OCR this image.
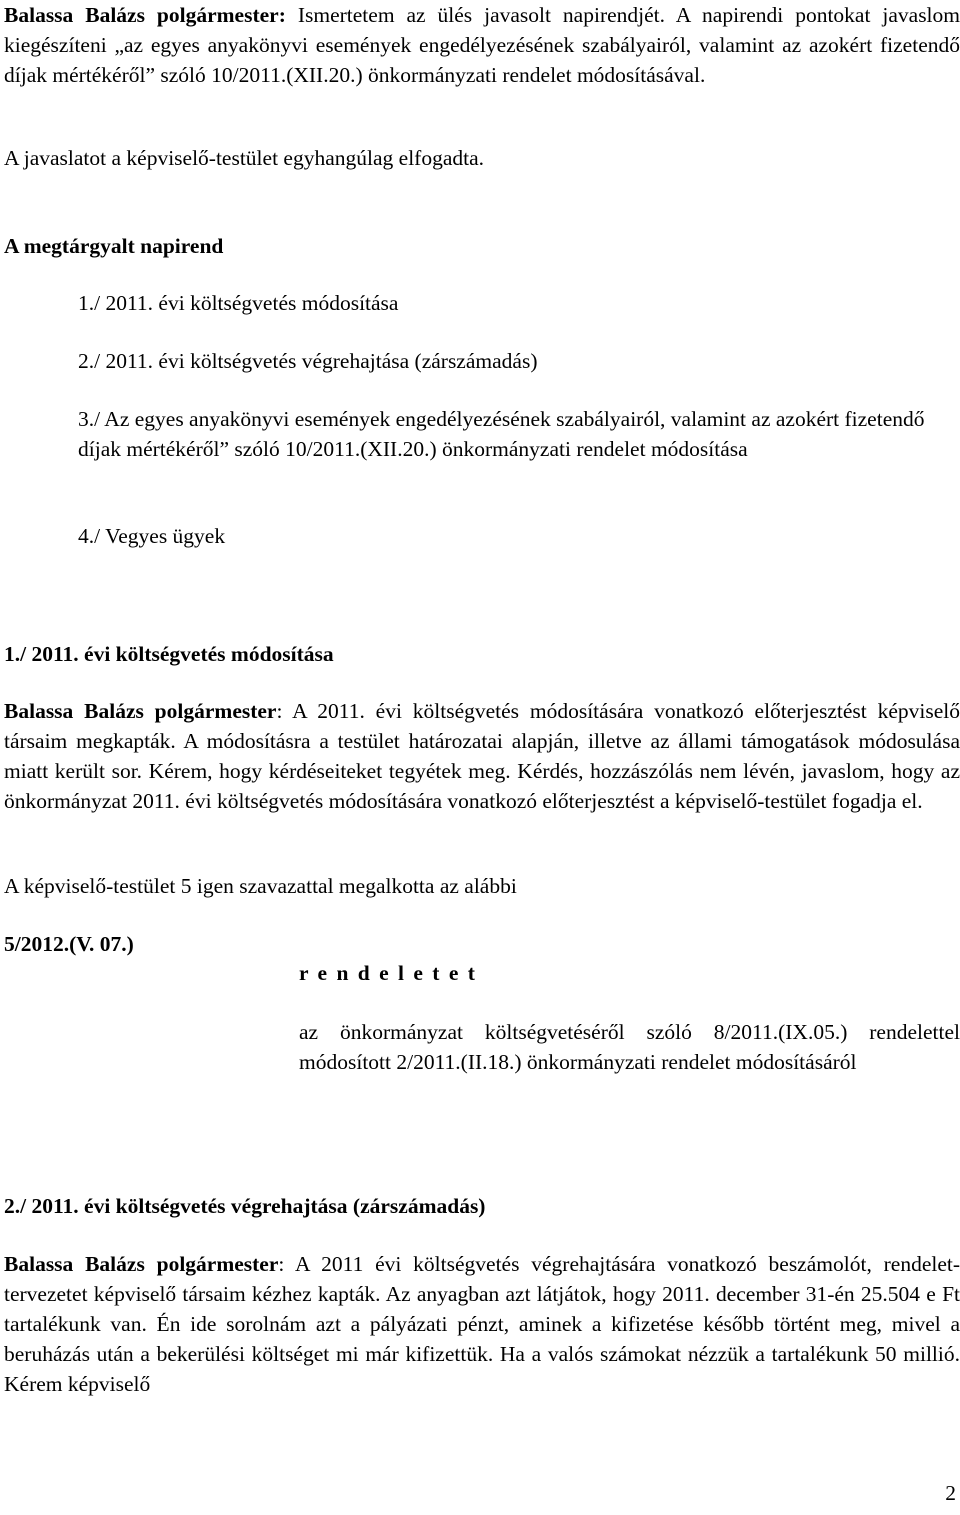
Balassa Balázs polgármester: Ismertetem az ülés javasolt napirendjét. A napirendi pontokat javaslom kiegészíteni „az egyes anyakönyvi események engedélyezésének szabályairól, valamint az azokért fizetendő díjak mértékéről” szóló 10/2011.(XII.20.) önkormányzati rendelet módosításával.

A javaslatot a képviselő-testület egyhangúlag elfogadta.

A megtárgyalt napirend

1./ 2011. évi költségvetés módosítása

2./ 2011. évi költségvetés végrehajtása (zárszámadás)

3./ Az egyes anyakönyvi események engedélyezésének szabályairól, valamint az azokért fizetendő díjak mértékéről” szóló 10/2011.(XII.20.) önkormányzati rendelet módosítása

4./ Vegyes ügyek

1./ 2011. évi költségvetés módosítása

Balassa Balázs polgármester: A 2011. évi költségvetés módosítására vonatkozó előterjesztést képviselő társaim megkapták. A módosításra a testület határozatai alapján, illetve az állami támogatások módosulása miatt került sor. Kérem, hogy kérdéseiteket tegyétek meg. Kérdés, hozzászólás nem lévén, javaslom, hogy az önkormányzat 2011. évi költségvetés módosítására vonatkozó előterjesztést a képviselő-testület fogadja el.

A képviselő-testület 5 igen szavazattal megalkotta az alábbi

5/2012.(V. 07.)

r e n d e l e t e t

az önkormányzat költségvetéséről szóló 8/2011.(IX.05.) rendelettel módosított 2/2011.(II.18.) önkormányzati rendelet módosításáról

2./ 2011. évi költségvetés végrehajtása (zárszámadás)

Balassa Balázs polgármester: A 2011 évi költségvetés végrehajtására vonatkozó beszámolót, rendelet-tervezetet képviselő társaim kézhez kapták. Az anyagban azt látjátok, hogy 2011. december 31-én 25.504 e Ft tartalékunk van. Én ide sorolnám azt a pályázati pénzt, aminek a kifizetése később történt meg, mivel a beruházás után a bekerülési költséget mi már kifizettük. Ha a valós számokat nézzük a tartalékunk 50 millió. Kérem képviselő

2
